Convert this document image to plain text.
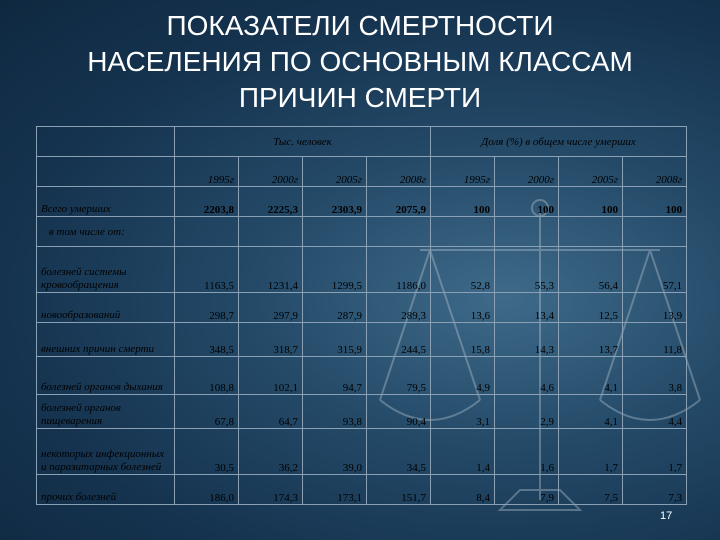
ПОКАЗАТЕЛИ СМЕРТНОСТИ
НАСЕЛЕНИЯ ПО ОСНОВНЫМ КЛАССАМ
ПРИЧИН СМЕРТИ
	Тыс. человек				Доля (%) в общем числе умерших			
	1995г	2000г	2005г	2008г	1995г	2000г	2005г	2008г
Всего умерших	2203,8	2225,3	2303,9	2075,9	100	100	100	100
в том числе от:								
болезней системы кровообращения	1163,5	1231,4	1299,5	1186,0	52,8	55,3	56,4	57,1
новообразований	298,7	297,9	287,9	289,3	13,6	13,4	12,5	13,9
внешних причин смерти	348,5	318,7	315,9	244,5	15,8	14,3	13,7	11,8
болезней органов дыхания	108,8	102,1	94,7	79,5	4,9	4,6	4,1	3,8
болезней органов пищеварения	67,8	64,7	93,8	90,4	3,1	2,9	4,1	4,4
некоторых инфекционных и паразитарных болезней	30,5	36,2	39,0	34,5	1,4	1,6	1,7	1,7
прочих болезней	186,0	174,3	173,1	151,7	8,4	7,9	7,5	7,3
17
